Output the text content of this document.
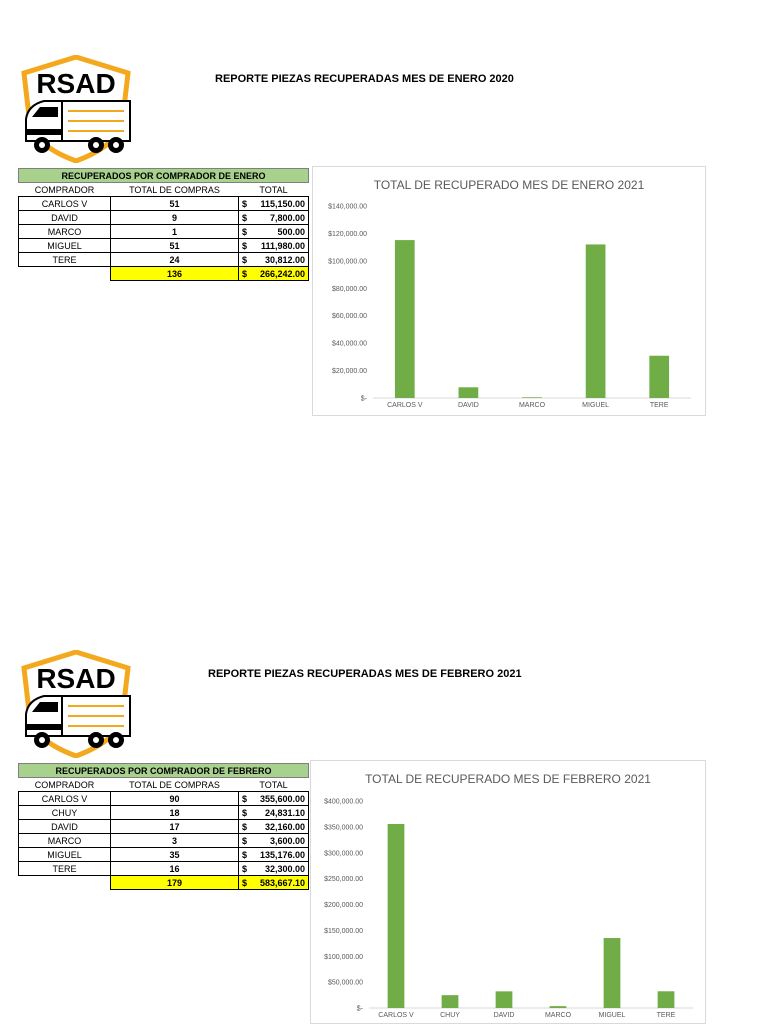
RSAD	REPORTE PIEZAS RECUPERADAS MES DE ENERO 2020
RECUPERADOS POR COMPRADOR DE ENERO		
COMPRADOR	TOTAL DE COMPRAS	TOTAL
CARLOS V	51	$ 115,150.00

DAVID	9	$ 7,800.00

MARCO	1	$ 500.00

MIGUEL	51	$ 111,980.00

TERE	24	$ 30,812.00

	136	$ 266,242.00
TOTAL DE RECUPERADO MES DE ENERO 2021
$-
$20,000.00
$40,000.00
$60,000.00
$80,000.00
$100,000.00
$120,000.00
$140,000.00
CARLOS V	DAVID	MARCO	MIGUEL	TERE
RSAD	REPORTE PIEZAS RECUPERADAS MES DE FEBRERO 2021
RECUPERADOS POR COMPRADOR DE FEBRERO		
COMPRADOR	TOTAL DE COMPRAS	TOTAL
CARLOS V	90	$ 355,600.00

CHUY	18	$ 24,831.10

DAVID	17	$ 32,160.00

MARCO	3	$ 3,600.00

MIGUEL	35	$ 135,176.00

TERE	16	$ 32,300.00

	179	$ 583,667.10
TOTAL DE RECUPERADO MES DE FEBRERO 2021
$-
$50,000.00
$100,000.00
$150,000.00
$200,000.00
$250,000.00
$300,000.00
$350,000.00
$400,000.00
CARLOS V	CHUY	DAVID	MARCO	MIGUEL	TERE
